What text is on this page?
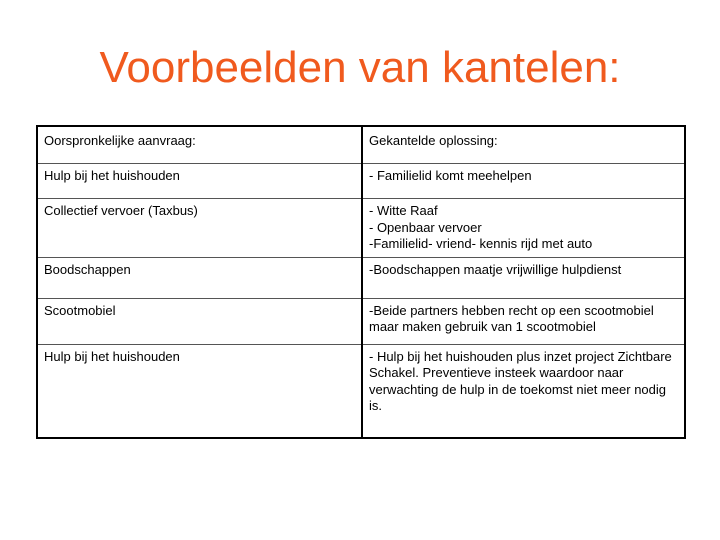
Voorbeelden van kantelen:
Oorspronkelijke aanvraag:	Gekantelde oplossing:
Hulp bij het huishouden	- Familielid komt meehelpen

Collectief vervoer (Taxbus)	- Witte Raaf
- Openbaar vervoer
-Familielid- vriend- kennis rijd met auto

Boodschappen	-Boodschappen maatje vrijwillige hulpdienst

Scootmobiel	-Beide partners hebben recht op een scootmobiel maar maken gebruik van 1 scootmobiel

Hulp bij het huishouden	- Hulp bij het huishouden plus inzet project Zichtbare Schakel. Preventieve insteek waardoor naar verwachting de hulp in de toekomst niet meer nodig is.
